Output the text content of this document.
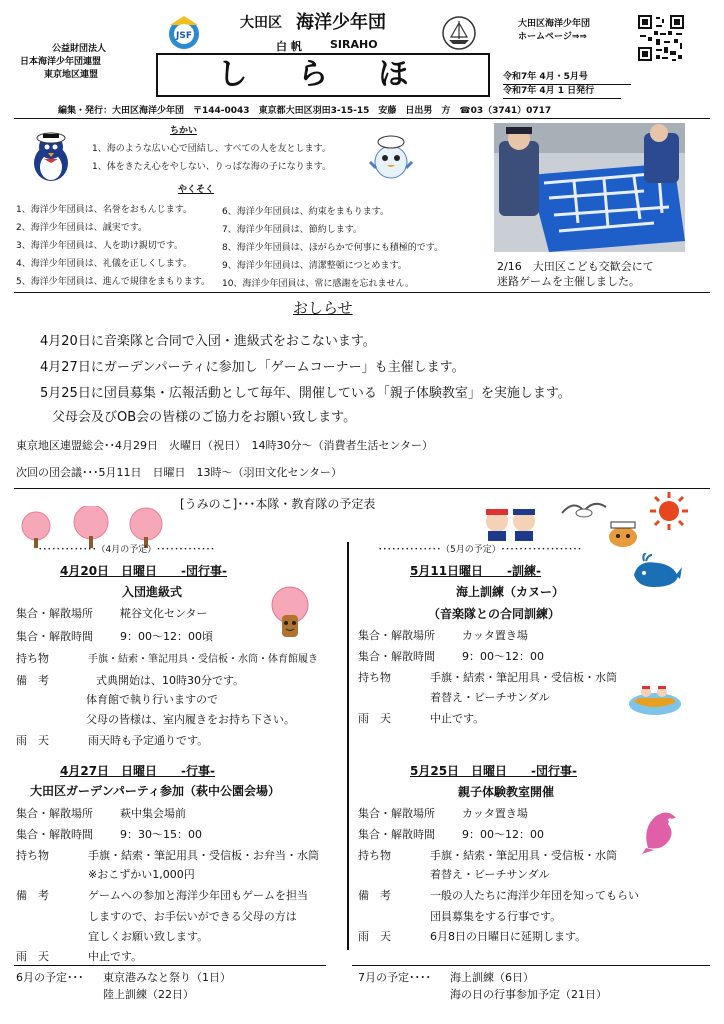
公益財団法人
日本海洋少年団連盟
東京地区連盟
JSF
大田区 海洋少年団
白 帆	SIRAHO
し ら ほ
大田区海洋少年団
ホームページ⇒⇒
令和7年 4月・5月号
令和7年 4月 1 日発行
編集・発行：大田区海洋少年団　〒144-0043　東京都大田区羽田3-15-15　安藤　日出男　方　☎03（3741）0717
ちかい
1、海のような広い心で団結し、すべての人を友とします。
1、体をきたえ心をやしない、りっぱな海の子になります。
やくそく
1、海洋少年団員は、名誉をおもんじます。
2、海洋少年団員は、誠実です。
3、海洋少年団員は、人を助け親切です。
4、海洋少年団員は、礼儀を正しくします。
5、海洋少年団員は、進んで規律をまもります。
6、海洋少年団員は、約束をまもります。
7、海洋少年団員は、節約します。
8、海洋少年団員は、ほがらかで何事にも積極的です。
9、海洋少年団員は、清潔整頓につとめます。
10、海洋少年団員は、常に感謝を忘れません。
2/16　大田区こども交歓会にて
迷路ゲームを主催しました。
おしらせ
4月20日に音楽隊と合同で入団・進級式をおこないます。
4月27日にガーデンパーティに参加し「ゲームコーナー」も主催します。
5月25日に団員募集・広報活動として毎年、開催している「親子体験教室」を実施します。
父母会及びOB会の皆様のご協力をお願い致します。
東京地区連盟総会･･4月29日　火曜日（祝日）　14時30分～（消費者生活センター）
次回の団会議･･･5月11日　日曜日　13時～（羽田文化センター）
[うみのこ]･･･本隊・教育隊の予定表
･････････････（4月の予定）･････････････	･･････････････（5月の予定）･･････････････････
4月20日　日曜日　　-団行事-
入団進級式
集合・解散場所 糀谷文化センター
集合・解散時間 9：00～12：00頃
持ち物	手旗・結索・筆記用具・受信板・水筒・体育館履き
備　考	式典開始は、10時30分です。
体育館で執り行いますので
父母の皆様は、室内履きをお持ち下さい。
雨　天	雨天時も予定通りです。
4月27日　日曜日　　-行事-
大田区ガーデンパーティ参加（萩中公園会場）
集合・解散場所 萩中集会場前
集合・解散時間 9：30～15：00
持ち物	手旗・結索・筆記用具・受信板・お弁当・水筒
※おこずかい1,000円
備　考	ゲームへの参加と海洋少年団もゲームを担当
しますので、お手伝いができる父母の方は
宜しくお願い致します。
雨　天	中止です。
5月11日曜日　　-訓練-
海上訓練（カヌー）
（音楽隊との合同訓練）
集合・解散場所 カッタ置き場
集合・解散時間 9：00～12：00
持ち物	手旗・結索・筆記用具・受信板・水筒
着替え・ビーチサンダル
雨　天	中止です。
5月25日　日曜日　　-団行事-
親子体験教室開催
集合・解散場所 カッタ置き場
集合・解散時間 9：00～12：00
持ち物	手旗・結索・筆記用具・受信板・水筒
着替え・ビーチサンダル
備　考	一般の人たちに海洋少年団を知ってもらい
団員募集をする行事です。
雨　天	6月8日の日曜日に延期します。
6月の予定･･･ 東京港みなと祭り（1日）
陸上訓練（22日）
7月の予定････ 海上訓練（6日）
海の日の行事参加予定（21日）
